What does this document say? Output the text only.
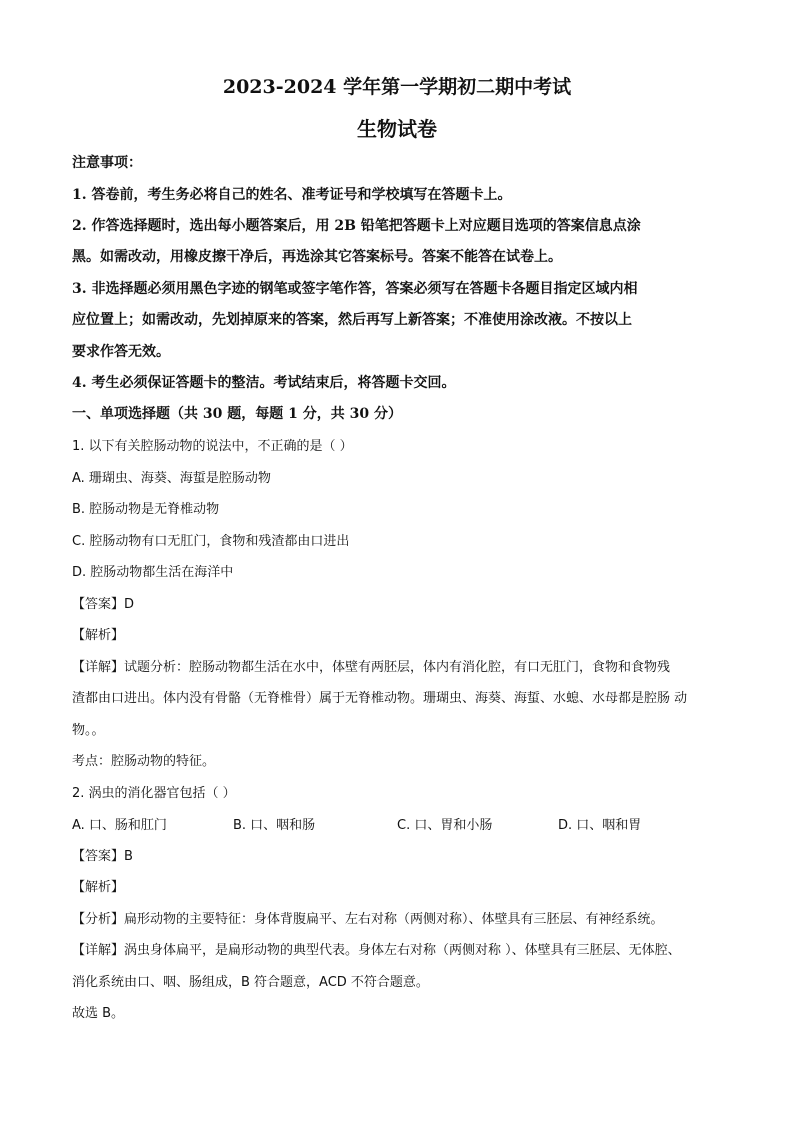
2023-2024 学年第一学期初二期中考试
生物试卷
注意事项：
1. 答卷前，考生务必将自己的姓名、准考证号和学校填写在答题卡上。
2. 作答选择题时，选出每小题答案后，用 2B 铅笔把答题卡上对应题目选项的答案信息点涂
黑。如需改动，用橡皮擦干净后，再选涂其它答案标号。答案不能答在试卷上。
3. 非选择题必须用黑色字迹的钢笔或签字笔作答，答案必须写在答题卡各题目指定区域内相
应位置上；如需改动，先划掉原来的答案，然后再写上新答案；不准使用涂改液。不按以上
要求作答无效。
4. 考生必须保证答题卡的整洁。考试结束后，将答题卡交回。
一、单项选择题（共 30 题，每题 1 分，共 30 分）
1. 以下有关腔肠动物的说法中，不正确的是（ ）
A. 珊瑚虫、海葵、海蜇是腔肠动物
B. 腔肠动物是无脊椎动物
C. 腔肠动物有口无肛门，食物和残渣都由口进出
D. 腔肠动物都生活在海洋中
【答案】D
【解析】
【详解】试题分析：腔肠动物都生活在水中，体壁有两胚层，体内有消化腔，有口无肛门，食物和食物残
渣都由口进出。体内没有骨骼（无脊椎骨）属于无脊椎动物。珊瑚虫、海葵、海蜇、水螅、水母都是腔肠 动
物。。
考点：腔肠动物的特征。
2. 涡虫的消化器官包括（ ）
A. 口、肠和肛门	B. 口、咽和肠	C. 口、胃和小肠	D. 口、咽和胃
【答案】B
【解析】
【分析】扁形动物的主要特征：身体背腹扁平、左右对称（两侧对称）、体壁具有三胚层、有神经系统。
【详解】涡虫身体扁平，是扁形动物的典型代表。身体左右对称（两侧对称 ）、体壁具有三胚层、无体腔、
消化系统由口、咽、肠组成，B 符合题意，ACD 不符合题意。
故选 B。
